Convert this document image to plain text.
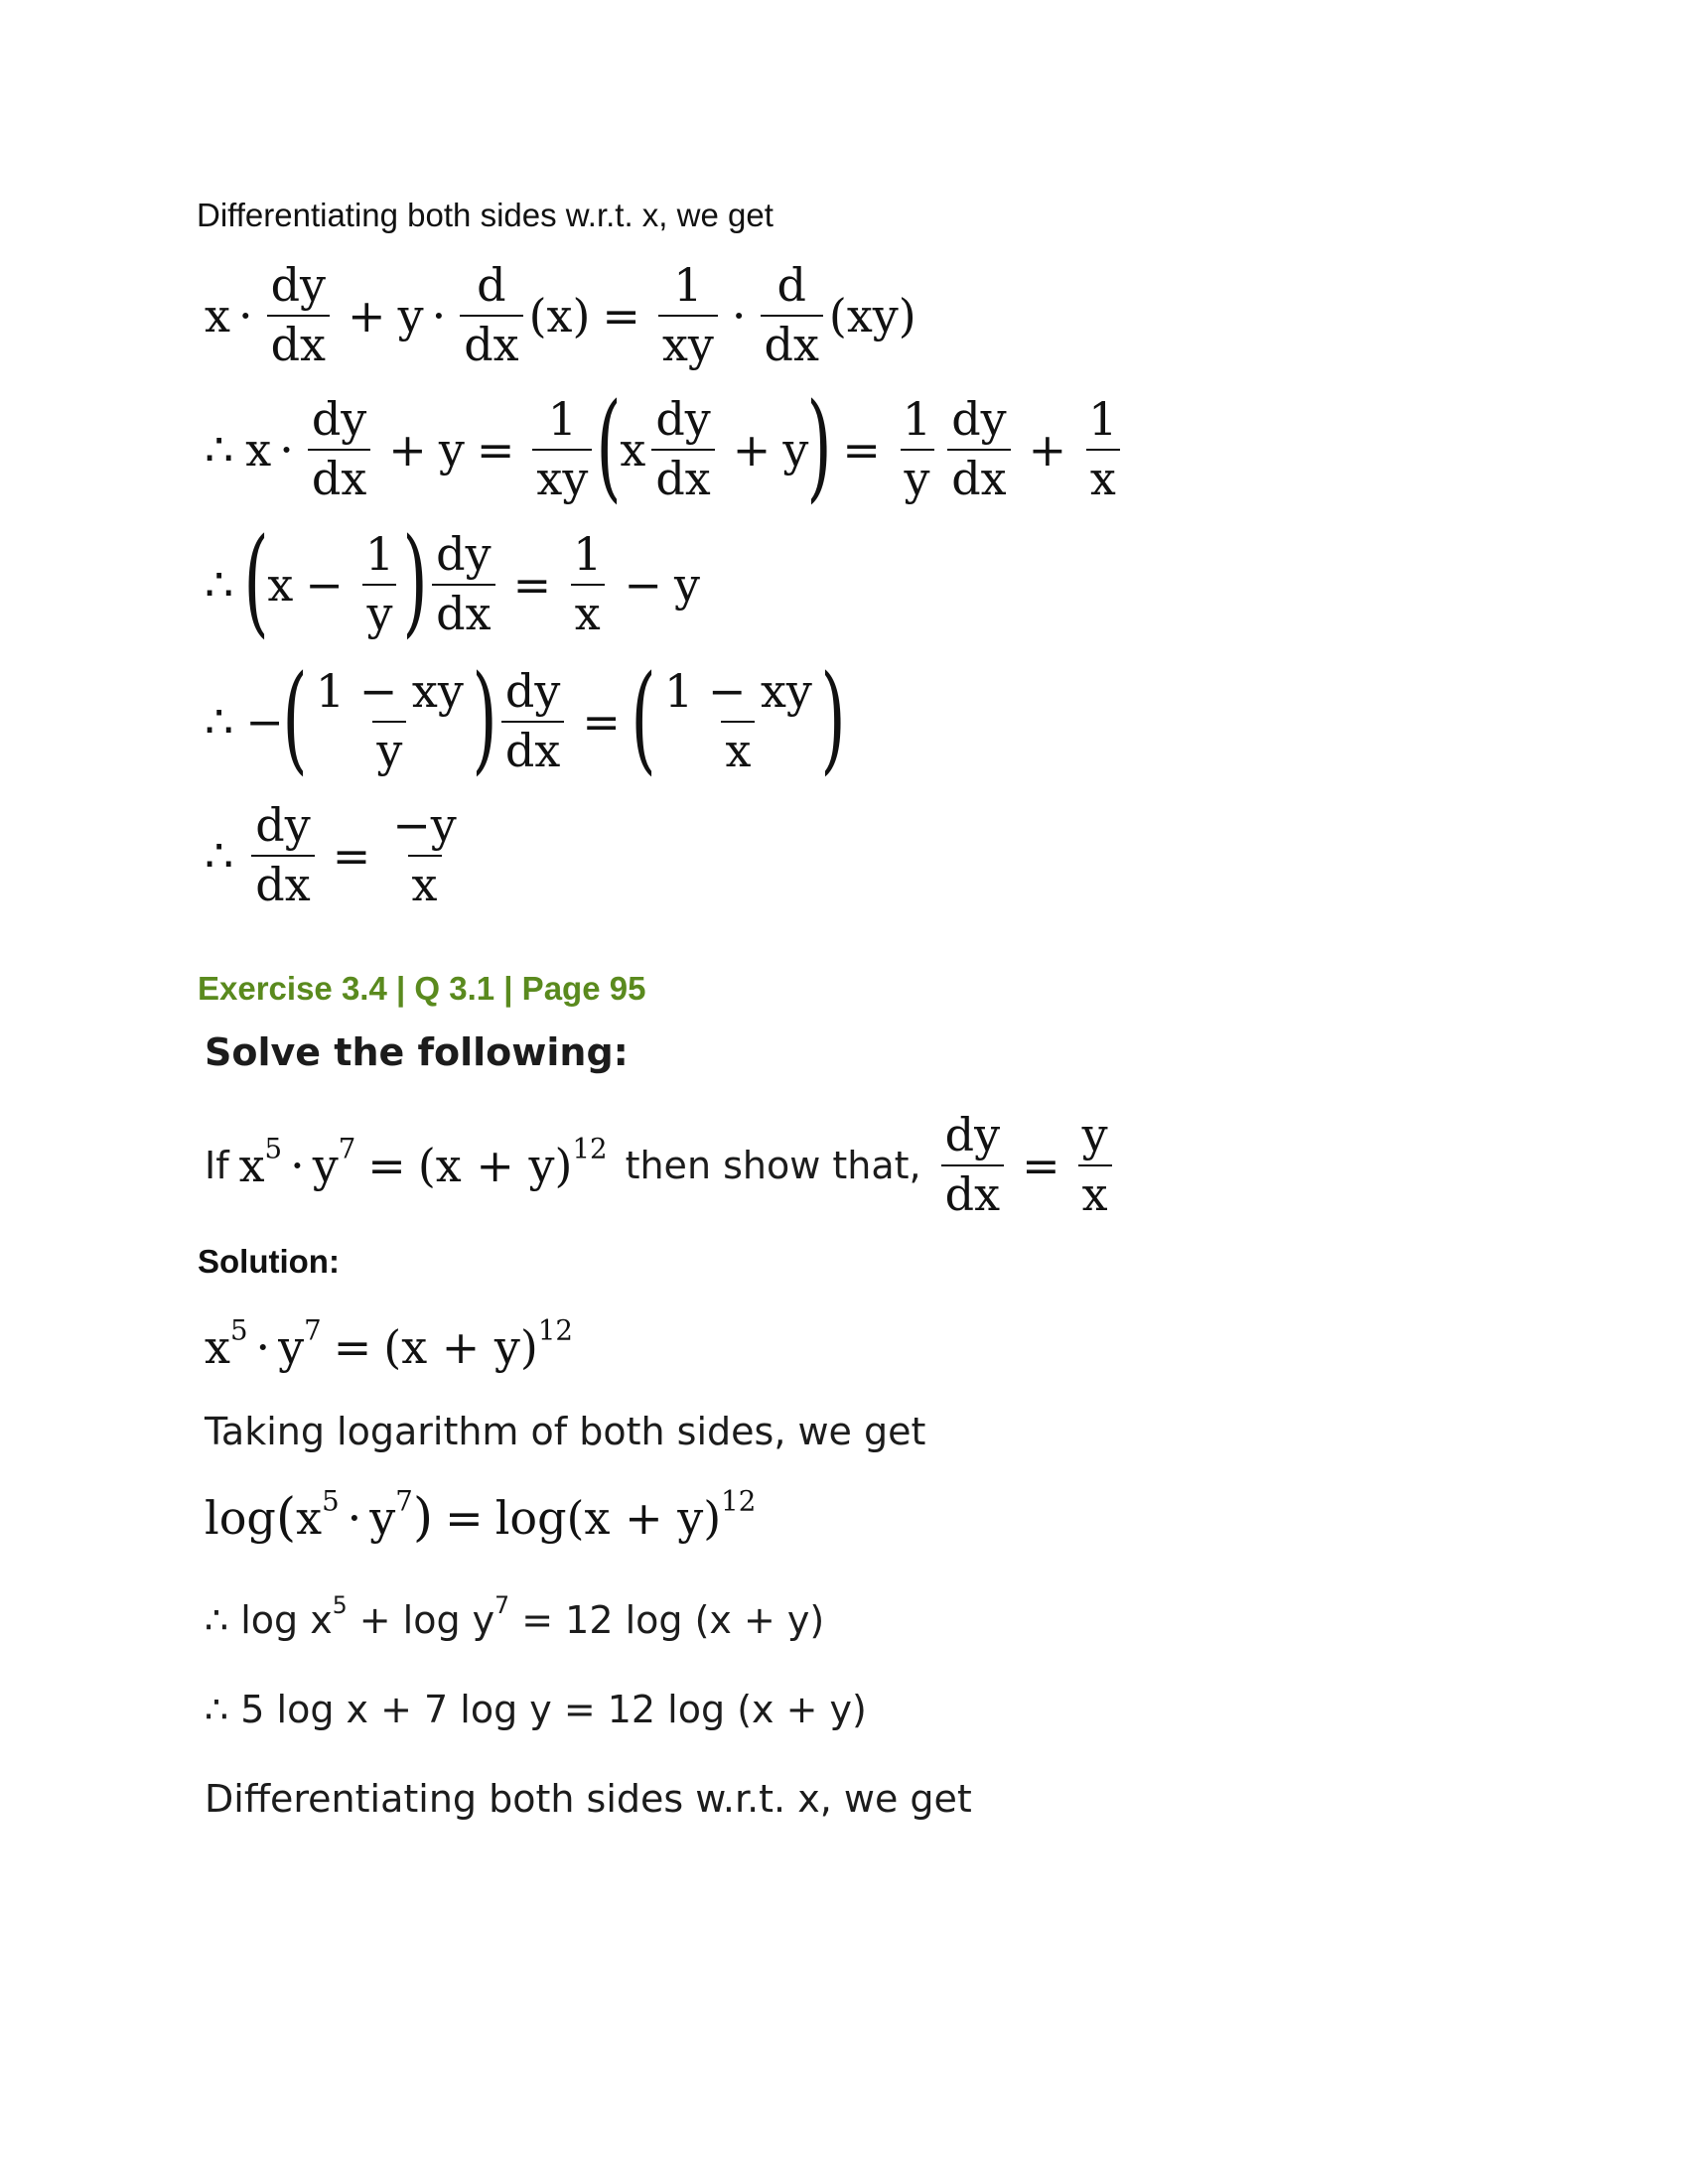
Differentiating both sides w.r.t. x, we get
$x \cdot \frac{dy}{dx} + y \cdot \frac{d}{dx} (x) = \frac{1}{xy} \cdot \frac{d}{dx} (xy)$
∴ $x \cdot \frac{dy}{dx} + y = \frac{1}{xy}$
(
x $\frac{dy}{dx} + y$
) = $\frac{1}{y} \frac{dy}{dx} + \frac{1}{x}$
∴ (
$x - \frac{1}{y}$
)
$\frac{dy}{dx} = \frac{1}{x} - y$
∴ −
(
$\frac{1 - xy}{y}$
)
$\frac{dy}{dx}$ = (
$\frac{1 - xy}{x}$
)
∴ $\frac{dy}{dx} = \frac{-y}{x}$
Exercise 3.4 | Q 3.1 | Page 95
Solve the following:
If $x^5 \cdot y^7 = (x + y)^{12}$ then show that, $\frac{dy}{dx} = \frac{y}{x}$
Solution:
$x^5 \cdot y^7 = (x + y)^{12}$
Taking logarithm of both sides, we get
log ( $x^5 \cdot y^7$ ) = $\log(x + y)^{12}$
∴ $\log x^5 + \log y^7 = 12$ log (x + y)
∴ 5 log x + 7 log y = 12 log (x + y)
Differentiating both sides w.r.t. x, we get
